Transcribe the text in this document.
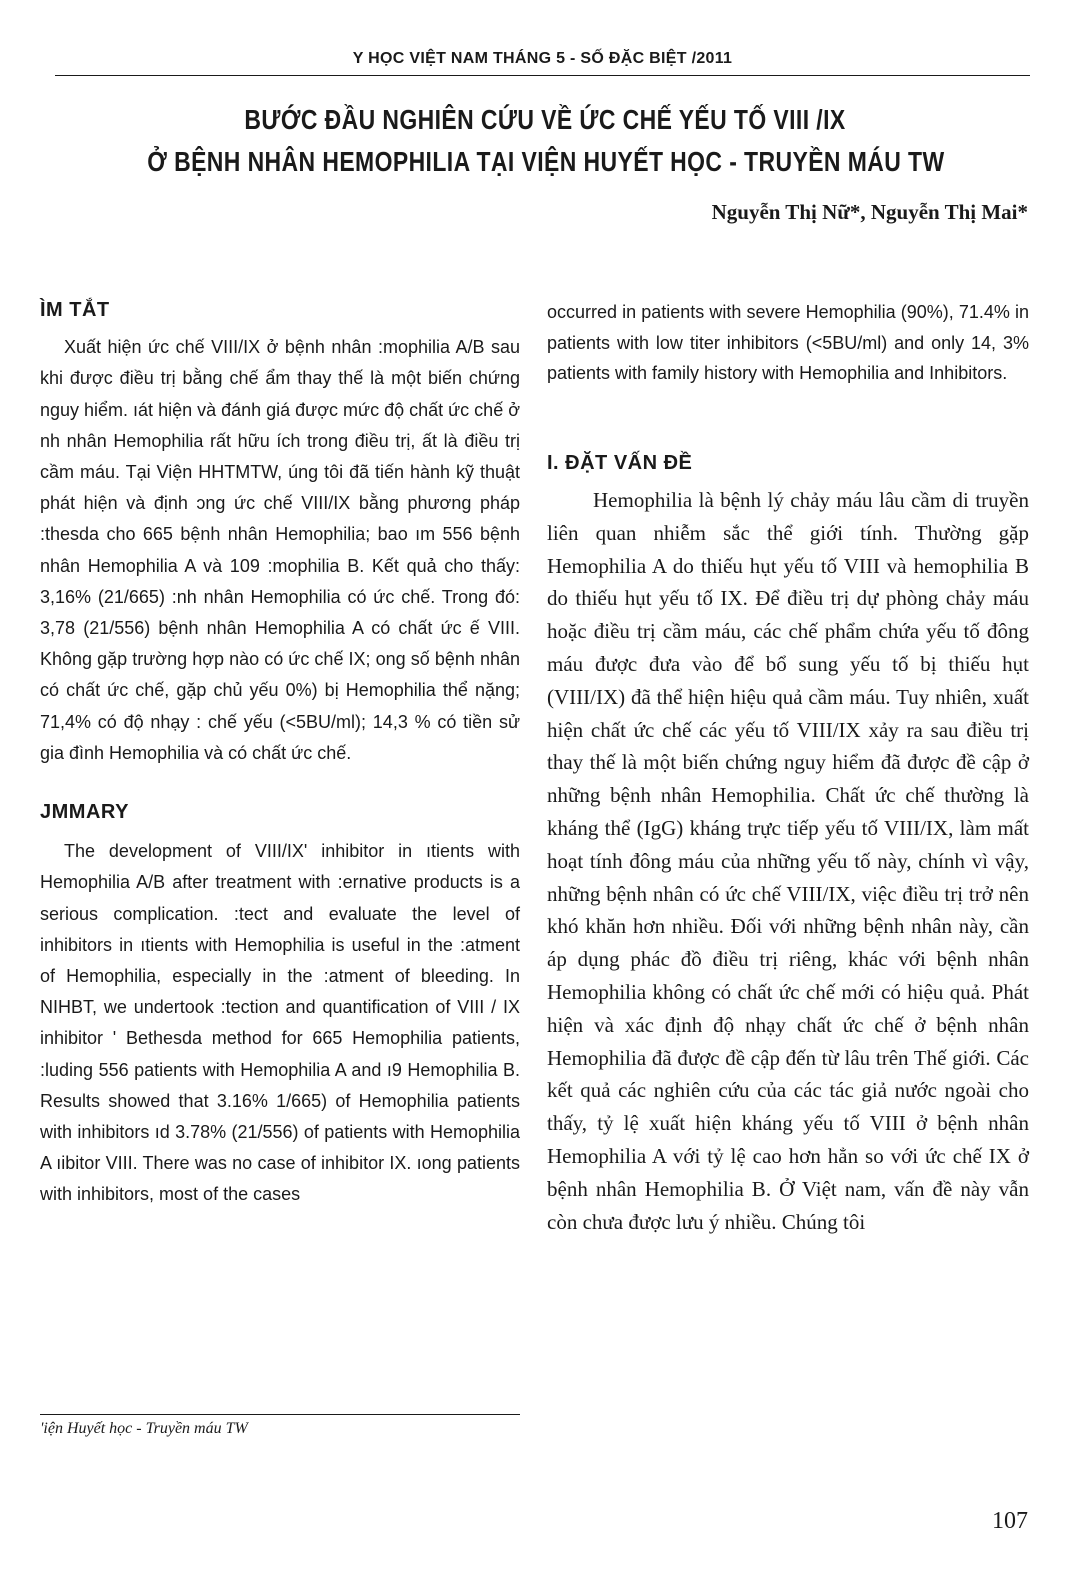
Y HỌC VIỆT NAM THÁNG 5 - SỐ ĐẶC BIỆT /2011
BƯỚC ĐẦU NGHIÊN CỨU VỀ ỨC CHẾ YẾU TỐ VIII /IX
Ở BỆNH NHÂN HEMOPHILIA TẠI VIỆN HUYẾT HỌC - TRUYỀN MÁU TW
Nguyễn Thị Nữ*, Nguyễn Thị Mai*
ÌM TẮT

Xuất hiện ức chế VIII/IX ở bệnh nhân :mophilia A/B sau khi được điều trị bằng chế ẩm thay thế là một biến chứng nguy hiểm. ıát hiện và đánh giá được mức độ chất ức chế ở nh nhân Hemophilia rất hữu ích trong điều trị, ất là điều trị cầm máu. Tại Viện HHTMTW, úng tôi đã tiến hành kỹ thuật phát hiện và định ɔng ức chế VIII/IX bằng phương pháp :thesda cho 665 bệnh nhân Hemophilia; bao ım 556 bệnh nhân Hemophilia A và 109 :mophilia B. Kết quả cho thấy: 3,16% (21/665) :nh nhân Hemophilia có ức chế. Trong đó: 3,78 (21/556) bệnh nhân Hemophilia A có chất ức ế VIII. Không gặp trường hợp nào có ức chế IX; ong số bệnh nhân có chất ức chế, gặp chủ yếu 0%) bị Hemophilia thể nặng; 71,4% có độ nhạy : chế yếu (<5BU/ml); 14,3 % có tiền sử gia đình Hemophilia và có chất ức chế.

JMMARY

The development of VIII/IX' inhibitor in ıtients with Hemophilia A/B after treatment with :ernative products is a serious complication. :tect and evaluate the level of inhibitors in ıtients with Hemophilia is useful in the :atment of Hemophilia, especially in the :atment of bleeding. In NIHBT, we undertook :tection and quantification of VIII / IX inhibitor ' Bethesda method for 665 Hemophilia patients, :luding 556 patients with Hemophilia A and ı9 Hemophilia B. Results showed that 3.16% 1/665) of Hemophilia patients with inhibitors ıd 3.78% (21/556) of patients with Hemophilia A ıibitor VIII. There was no case of inhibitor IX. ıong patients with inhibitors, most of the cases

occurred in patients with severe Hemophilia (90%), 71.4% in patients with low titer inhibitors (<5BU/ml) and only 14, 3% patients with family history with Hemophilia and Inhibitors.
I. ĐẶT VẤN ĐỀ

Hemophilia là bệnh lý chảy máu lâu cầm di truyền liên quan nhiễm sắc thể giới tính. Thường gặp Hemophilia A do thiếu hụt yếu tố VIII và hemophilia B do thiếu hụt yếu tố IX. Để điều trị dự phòng chảy máu hoặc điều trị cầm máu, các chế phẩm chứa yếu tố đông máu được đưa vào để bổ sung yếu tố bị thiếu hụt (VIII/IX) đã thể hiện hiệu quả cầm máu. Tuy nhiên, xuất hiện chất ức chế các yếu tố VIII/IX xảy ra sau điều trị thay thế là một biến chứng nguy hiểm đã được đề cập ở những bệnh nhân Hemophilia. Chất ức chế thường là kháng thể (IgG) kháng trực tiếp yếu tố VIII/IX, làm mất hoạt tính đông máu của những yếu tố này, chính vì vậy, những bệnh nhân có ức chế VIII/IX, việc điều trị trở nên khó khăn hơn nhiều. Đối với những bệnh nhân này, cần áp dụng phác đồ điều trị riêng, khác với bệnh nhân Hemophilia không có chất ức chế mới có hiệu quả. Phát hiện và xác định độ nhạy chất ức chế ở bệnh nhân Hemophilia đã được đề cập đến từ lâu trên Thế giới. Các kết quả các nghiên cứu của các tác giả nước ngoài cho thấy, tỷ lệ xuất hiện kháng yếu tố VIII ở bệnh nhân Hemophilia A với tỷ lệ cao hơn hẳn so với ức chế IX ở bệnh nhân Hemophilia B. Ở Việt nam, vấn đề này vẫn còn chưa được lưu ý nhiều. Chúng tôi

'iện Huyết học - Truyền máu TW
107
